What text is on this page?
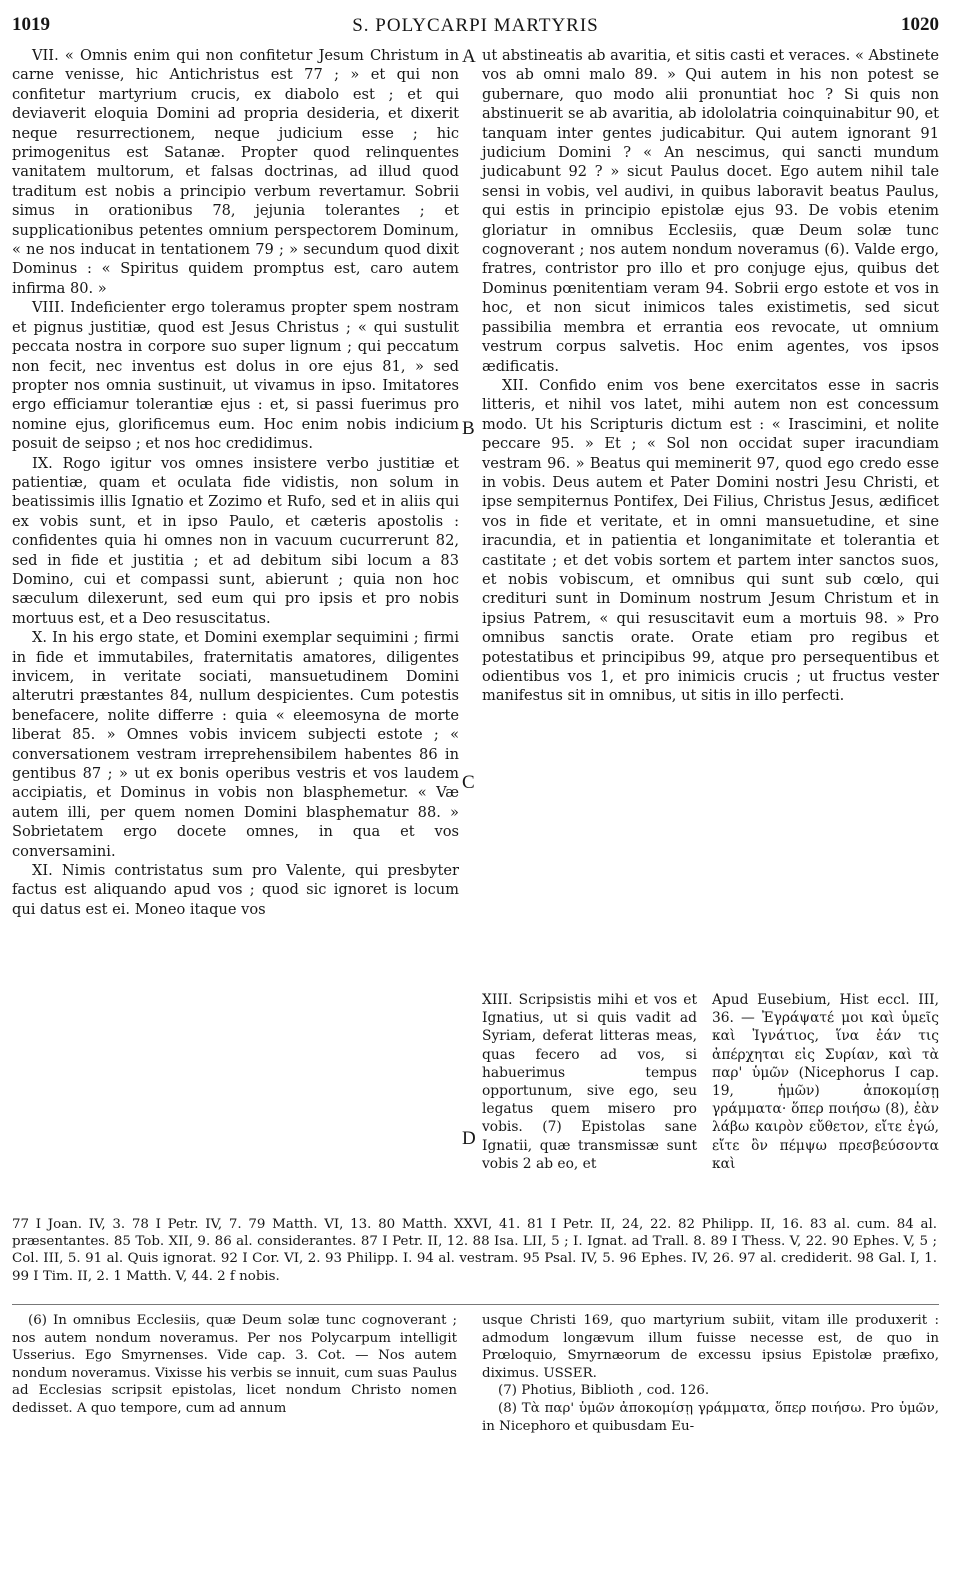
1019	S. POLYCARPI MARTYRIS	1020

VII. « Omnis enim qui non confitetur Jesum Christum in carne venisse, hic Antichristus est 77 ; » et qui non confitetur martyrium crucis, ex diabolo est ; et qui deviaverit eloquia Domini ad propria desideria, et dixerit neque resurrectionem, neque judicium esse ; hic primogenitus est Satanæ. Propter quod relinquentes vanitatem multorum, et falsas doctrinas, ad illud quod traditum est nobis a principio verbum revertamur. Sobrii simus in orationibus 78, jejunia tolerantes ; et supplicationibus petentes omnium perspectorem Dominum, « ne nos inducat in tentationem 79 ; » secundum quod dixit Dominus : « Spiritus quidem promptus est, caro autem infirma 80. »

VIII. Indeficienter ergo toleramus propter spem nostram et pignus justitiæ, quod est Jesus Christus ; « qui sustulit peccata nostra in corpore suo super lignum ; qui peccatum non fecit, nec inventus est dolus in ore ejus 81, » sed propter nos omnia sustinuit, ut vivamus in ipso. Imitatores ergo efficiamur tolerantiæ ejus : et, si passi fuerimus pro nomine ejus, glorificemus eum. Hoc enim nobis indicium posuit de seipso ; et nos hoc credidimus.

IX. Rogo igitur vos omnes insistere verbo justitiæ et patientiæ, quam et oculata fide vidistis, non solum in beatissimis illis Ignatio et Zozimo et Rufo, sed et in aliis qui ex vobis sunt, et in ipso Paulo, et cæteris apostolis : confidentes quia hi omnes non in vacuum cucurrerunt 82, sed in fide et justitia ; et ad debitum sibi locum a 83 Domino, cui et compassi sunt, abierunt ; quia non hoc sæculum dilexerunt, sed eum qui pro ipsis et pro nobis mortuus est, et a Deo resuscitatus.

X. In his ergo state, et Domini exemplar sequimini ; firmi in fide et immutabiles, fraternitatis amatores, diligentes invicem, in veritate sociati, mansuetudinem Domini alterutri præstantes 84, nullum despicientes. Cum potestis benefacere, nolite differre : quia « eleemosyna de morte liberat 85. » Omnes vobis invicem subjecti estote ; « conversationem vestram irreprehensibilem habentes 86 in gentibus 87 ; » ut ex bonis operibus vestris et vos laudem accipiatis, et Dominus in vobis non blasphemetur. « Væ autem illi, per quem nomen Domini blasphematur 88. » Sobrietatem ergo docete omnes, in qua et vos conversamini.

XI. Nimis contristatus sum pro Valente, qui presbyter factus est aliquando apud vos ; quod sic ignoret is locum qui datus est ei. Moneo itaque vos

ut abstineatis ab avaritia, et sitis casti et veraces. « Abstinete vos ab omni malo 89. » Qui autem in his non potest se gubernare, quo modo alii pronuntiat hoc ? Si quis non abstinuerit se ab avaritia, ab idololatria coinquinabitur 90, et tanquam inter gentes judicabitur. Qui autem ignorant 91 judicium Domini ? « An nescimus, qui sancti mundum judicabunt 92 ? » sicut Paulus docet. Ego autem nihil tale sensi in vobis, vel audivi, in quibus laboravit beatus Paulus, qui estis in principio epistolæ ejus 93. De vobis etenim gloriatur in omnibus Ecclesiis, quæ Deum solæ tunc cognoverant ; nos autem nondum noveramus (6). Valde ergo, fratres, contristor pro illo et pro conjuge ejus, quibus det Dominus pœnitentiam veram 94. Sobrii ergo estote et vos in hoc, et non sicut inimicos tales existimetis, sed sicut passibilia membra et errantia eos revocate, ut omnium vestrum corpus salvetis. Hoc enim agentes, vos ipsos ædificatis.

XII. Confido enim vos bene exercitatos esse in sacris litteris, et nihil vos latet, mihi autem non est concessum modo. Ut his Scripturis dictum est : « Irascimini, et nolite peccare 95. » Et ; « Sol non occidat super iracundiam vestram 96. » Beatus qui meminerit 97, quod ego credo esse in vobis. Deus autem et Pater Domini nostri Jesu Christi, et ipse sempiternus Pontifex, Dei Filius, Christus Jesus, ædificet vos in fide et veritate, et in omni mansuetudine, et sine iracundia, et in patientia et longanimitate et tolerantia et castitate ; et det vobis sortem et partem inter sanctos suos, et nobis vobiscum, et omnibus qui sunt sub cœlo, qui credituri sunt in Dominum nostrum Jesum Christum et in ipsius Patrem, « qui resuscitavit eum a mortuis 98. » Pro omnibus sanctis orate. Orate etiam pro regibus et potestatibus et principibus 99, atque pro persequentibus et odientibus vos 1, et pro inimicis crucis ; ut fructus vester manifestus sit in omnibus, ut sitis in illo perfecti.

A
B
C
D
XIII. Scripsistis mihi et vos et Ignatius, ut si quis vadit ad Syriam, deferat litteras meas, quas fecero ad vos, si habuerimus tempus opportunum, sive ego, seu legatus quem misero pro vobis. (7) Epistolas sane Ignatii, quæ transmissæ sunt vobis 2 ab eo, et
Apud Eusebium, Hist eccl. III, 36. — Ἐγράψατέ μοι καὶ ὑμεῖς καὶ Ἰγνάτιος, ἵνα ἐάν τις ἀπέρχηται εἰς Συρίαν, καὶ τὰ παρ' ὑμῶν (Nicephorus I cap. 19, ἡμῶν) ἀποκομίσῃ γράμματα· ὅπερ ποιήσω (8), ἐὰν λάβω καιρὸν εὔθετον, εἴτε ἐγώ, εἴτε ὃν πέμψω πρεσβεύσοντα καὶ
77 I Joan. IV, 3. 78 I Petr. IV, 7. 79 Matth. VI, 13. 80 Matth. XXVI, 41. 81 I Petr. II, 24, 22. 82 Philipp. II, 16. 83 al. cum. 84 al. præsentantes. 85 Tob. XII, 9. 86 al. considerantes. 87 I Petr. II, 12. 88 Isa. LII, 5 ; I. Ignat. ad Trall. 8. 89 I Thess. V, 22. 90 Ephes. V, 5 ; Col. III, 5. 91 al. Quis ignorat. 92 I Cor. VI, 2. 93 Philipp. I. 94 al. vestram. 95 Psal. IV, 5. 96 Ephes. IV, 26. 97 al. crediderit. 98 Gal. I, 1. 99 I Tim. II, 2. 1 Matth. V, 44. 2 f nobis.

(6) In omnibus Ecclesiis, quæ Deum solæ tunc cognoverant ; nos autem nondum noveramus. Per nos Polycarpum intelligit Usserius. Ego Smyrnenses. Vide cap. 3. Cot. — Nos autem nondum noveramus. Vixisse his verbis se innuit, cum suas Paulus ad Ecclesias scripsit epistolas, licet nondum Christo nomen dedisset. A quo tempore, cum ad annum

usque Christi 169, quo martyrium subiit, vitam ille produxerit : admodum longævum illum fuisse necesse est, de quo in Prœloquio, Smyrnæorum de excessu ipsius Epistolæ præfixo, diximus. USSER.

(7) Photius, Biblioth , cod. 126.

(8) Τὰ παρ' ὑμῶν ἀποκομίσῃ γράμματα, ὅπερ ποιήσω. Pro ὑμῶν, in Nicephoro et quibusdam Eu-
